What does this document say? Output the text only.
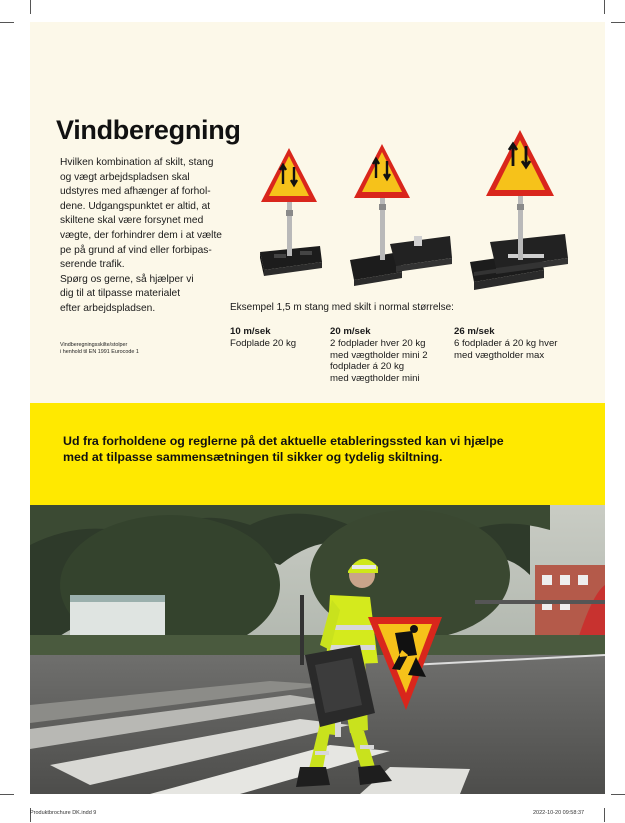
Vindberegning
Hvilken kombination af skilt, stang
og vægt arbejdspladsen skal
udstyres med afhænger af forhol-
dene. Udgangspunktet er altid, at
skiltene skal være forsynet med
vægte, der forhindrer dem i at vælte
pe på grund af vind eller forbipas-
serende trafik.
Spørg os gerne, så hjælper vi
dig til at tilpasse materialet
efter arbejdspladsen.
Vindberegningsskilte/stolper
i henhold til EN 1991 Eurocode 1
Eksempel 1,5 m stang med skilt i normal størrelse:
10 m/sek
Fodplade 20 kg
20 m/sek
2 fodplader hver 20 kg
med vægtholder mini 2
fodplader á 20 kg
med vægtholder mini
26 m/sek
6 fodplader á 20 kg hver
med vægtholder max
Ud fra forholdene og reglerne på det aktuelle etableringssted kan vi hjælpe
med at tilpasse sammensætningen til sikker og tydelig skiltning.
Produktbrochure DK.indd 9	2022-10-20 09:58:37
